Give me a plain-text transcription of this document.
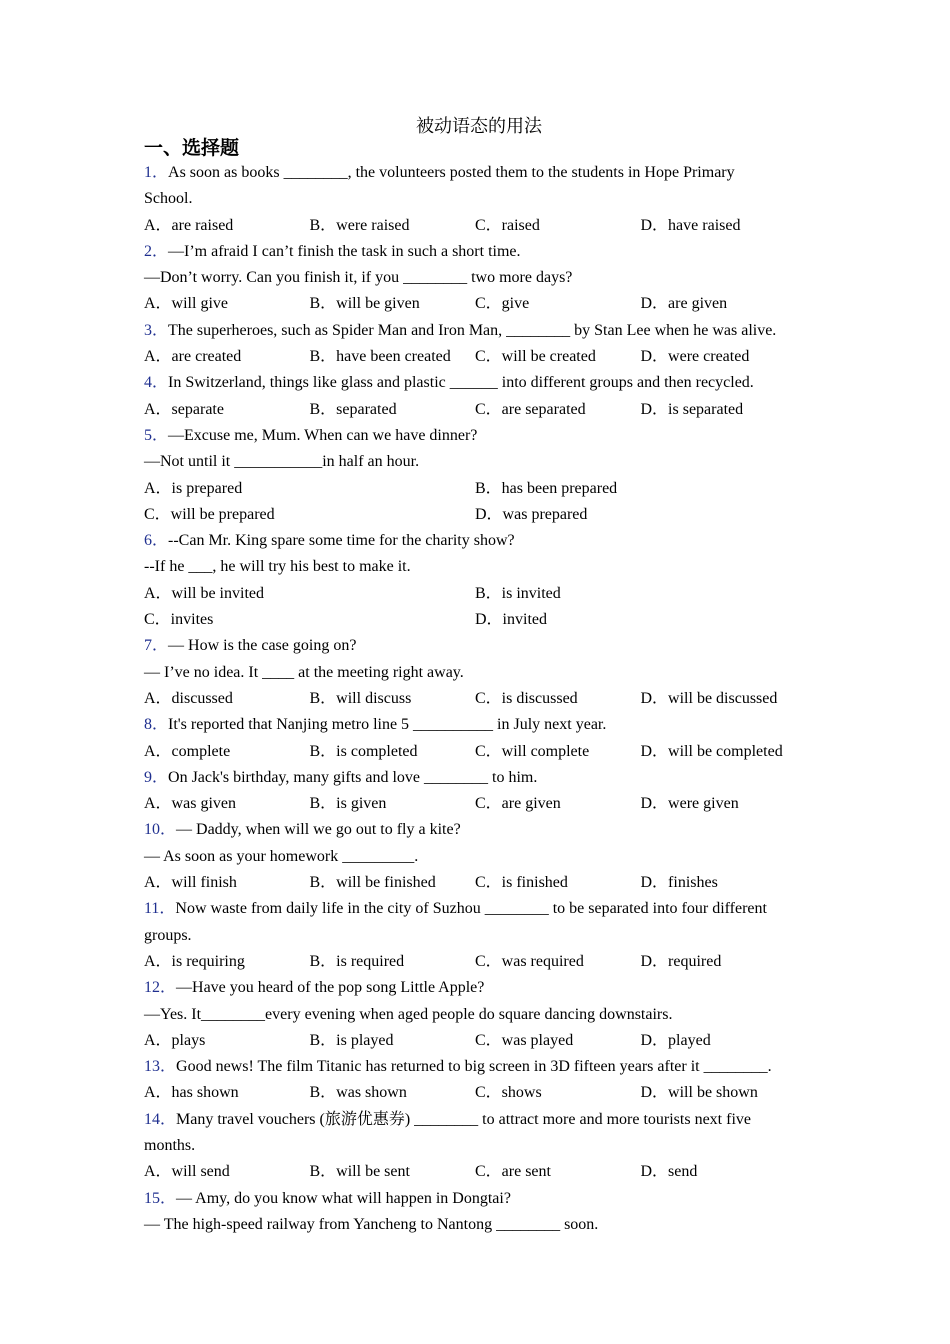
被动语态的用法
一、选择题
1．As soon as books ________, the volunteers posted them to the students in Hope Primary
School.
A．are raised	B．were raised	C．raised	D．have raised
2．—I’m afraid I can’t finish the task in such a short time.
—Don’t worry. Can you finish it, if you ________ two more days?
A．will give	B．will be given	C．give	D．are given
3．The superheroes, such as Spider Man and Iron Man, ________ by Stan Lee when he was alive.
A．are created	B．have been created	C．will be created	D．were created
4．In Switzerland, things like glass and plastic ______ into different groups and then recycled.
A．separate	B．separated	C．are separated	D．is separated
5．—Excuse me, Mum. When can we have dinner?
—Not until it ___________in half an hour.
A．is prepared	B．has been prepared
C．will be prepared	D．was prepared
6．--Can Mr. King spare some time for the charity show?
--If he ___, he will try his best to make it.
A．will be invited	B．is invited
C．invites	D．invited
7．— How is the case going on?
— I’ve no idea. It ____ at the meeting right away.
A．discussed	B．will discuss	C．is discussed	D．will be discussed
8．It's reported that Nanjing metro line 5 __________ in July next year.
A．complete	B．is completed	C．will complete	D．will be completed
9．On Jack's birthday, many gifts and love ________ to him.
A．was given	B．is given	C．are given	D．were given
10．— Daddy, when will we go out to fly a kite?
— As soon as your homework _________.
A．will finish	B．will be finished	C．is finished	D．finishes
11．Now waste from daily life in the city of Suzhou ________ to be separated into four different
groups.
A．is requiring	B．is required	C．was required	D．required
12．—Have you heard of the pop song Little Apple?
—Yes. It________every evening when aged people do square dancing downstairs.
A．plays	B．is played	C．was played	D．played
13．Good news! The film Titanic has returned to big screen in 3D fifteen years after it ________.
A．has shown	B．was shown	C．shows	D．will be shown
14．Many travel vouchers (旅游优惠券) ________ to attract more and more tourists next five
months.
A．will send	B．will be sent	C．are sent	D．send
15．— Amy, do you know what will happen in Dongtai?
— The high-speed railway from Yancheng to Nantong ________ soon.
